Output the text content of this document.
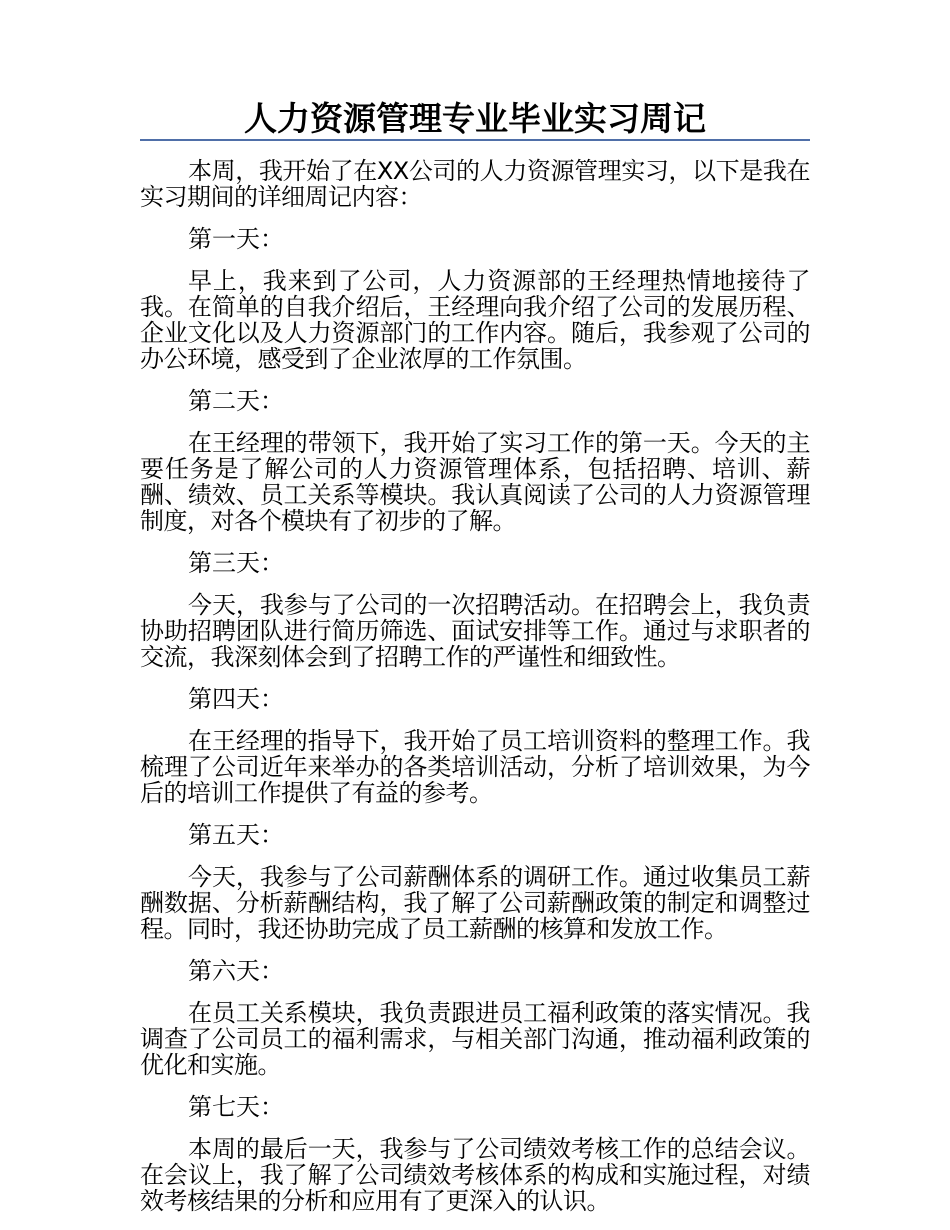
人力资源管理专业毕业实习周记

本周，我开始了在XX公司的人力资源管理实习，以下是我在实习期间的详细周记内容：

第一天：

早上，我来到了公司，人力资源部的王经理热情地接待了我。在简单的自我介绍后，王经理向我介绍了公司的发展历程、企业文化以及人力资源部门的工作内容。随后，我参观了公司的办公环境，感受到了企业浓厚的工作氛围。

第二天：

在王经理的带领下，我开始了实习工作的第一天。今天的主要任务是了解公司的人力资源管理体系，包括招聘、培训、薪酬、绩效、员工关系等模块。我认真阅读了公司的人力资源管理制度，对各个模块有了初步的了解。

第三天：

今天，我参与了公司的一次招聘活动。在招聘会上，我负责协助招聘团队进行简历筛选、面试安排等工作。通过与求职者的交流，我深刻体会到了招聘工作的严谨性和细致性。

第四天：

在王经理的指导下，我开始了员工培训资料的整理工作。我梳理了公司近年来举办的各类培训活动，分析了培训效果，为今后的培训工作提供了有益的参考。

第五天：

今天，我参与了公司薪酬体系的调研工作。通过收集员工薪酬数据、分析薪酬结构，我了解了公司薪酬政策的制定和调整过程。同时，我还协助完成了员工薪酬的核算和发放工作。

第六天：

在员工关系模块，我负责跟进员工福利政策的落实情况。我调查了公司员工的福利需求，与相关部门沟通，推动福利政策的优化和实施。

第七天：

本周的最后一天，我参与了公司绩效考核工作的总结会议。在会议上，我了解了公司绩效考核体系的构成和实施过程，对绩效考核结果的分析和应用有了更深入的认识。
